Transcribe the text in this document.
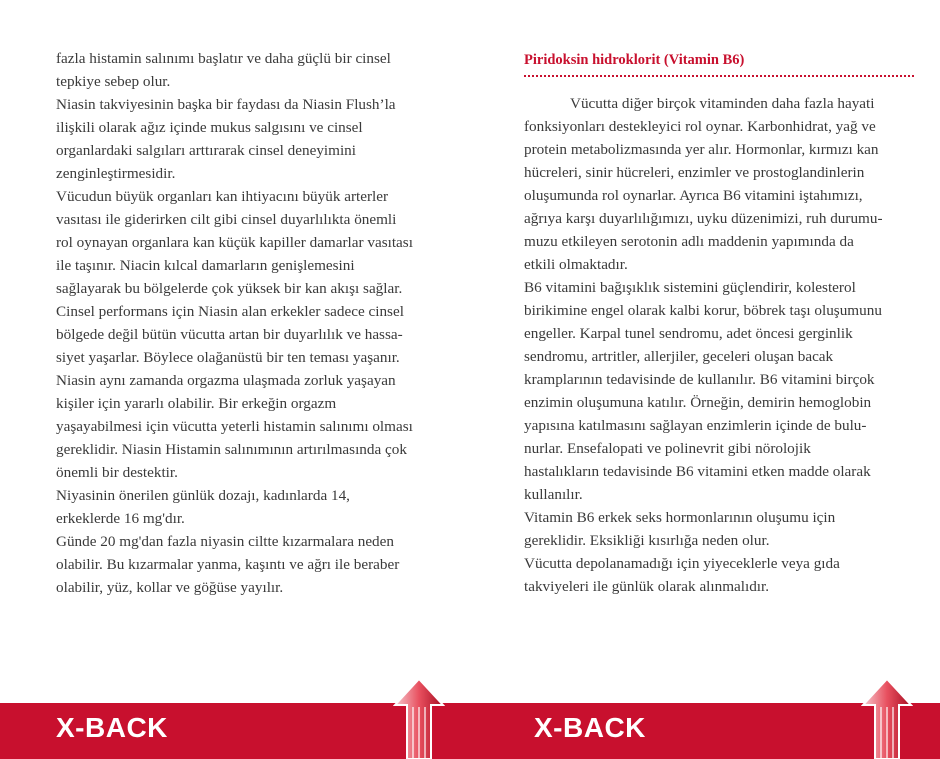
fazla histamin salınımı başlatır ve daha güçlü bir cinsel
tepkiye sebep olur.

Niasin takviyesinin başka bir faydası da Niasin Flush’la
ilişkili olarak ağız içinde mukus salgısını ve cinsel
organlardaki salgıları arttırarak cinsel deneyimini
zenginleştirmesidir.

Vücudun büyük organları kan ihtiyacını büyük arterler
vasıtası ile giderirken cilt gibi cinsel duyarlılıkta önemli
rol oynayan organlara kan küçük kapiller damarlar vasıtası
ile taşınır. Niacin kılcal damarların genişlemesini
sağlayarak bu bölgelerde çok yüksek bir kan akışı sağlar.

Cinsel performans için Niasin alan erkekler sadece cinsel
bölgede değil bütün vücutta artan bir duyarlılık ve hassa-
siyet yaşarlar. Böylece olağanüstü bir ten teması yaşanır.

Niasin aynı zamanda orgazma ulaşmada zorluk yaşayan
kişiler için yararlı olabilir. Bir erkeğin orgazm
yaşayabilmesi için vücutta yeterli histamin salınımı olması
gereklidir. Niasin Histamin salınımının artırılmasında çok
önemli bir destektir.

Niyasinin önerilen günlük dozajı, kadınlarda 14,
erkeklerde 16 mg'dır.

Günde 20 mg'dan fazla niyasin ciltte kızarmalara neden
olabilir. Bu kızarmalar yanma, kaşıntı ve ağrı ile beraber
olabilir, yüz, kollar ve göğüse yayılır.

Piridoksin hidroklorit (Vitamin B6)

Vücutta diğer birçok vitaminden daha fazla hayati
fonksiyonları destekleyici rol oynar. Karbonhidrat, yağ ve
protein metabolizmasında yer alır. Hormonlar, kırmızı kan
hücreleri, sinir hücreleri, enzimler ve prostoglandinlerin
oluşumunda rol oynarlar. Ayrıca B6 vitamini iştahımızı,
ağrıya karşı duyarlılığımızı, uyku düzenimizi, ruh durumu-
muzu etkileyen serotonin adlı maddenin yapımında da
etkili olmaktadır.

B6 vitamini bağışıklık sistemini güçlendirir, kolesterol
birikimine engel olarak kalbi korur, böbrek taşı oluşumunu
engeller. Karpal tunel sendromu, adet öncesi gerginlik
sendromu, artritler, allerjiler, geceleri oluşan bacak
kramplarının tedavisinde de kullanılır. B6 vitamini birçok
enzimin oluşumuna katılır. Örneğin, demirin hemoglobin
yapısına katılmasını sağlayan enzimlerin içinde de bulu-
nurlar. Ensefalopati ve polinevrit gibi nörolojik
hastalıkların tedavisinde B6 vitamini etken madde olarak
kullanılır.

Vitamin B6 erkek seks hormonlarının oluşumu için
gereklidir. Eksikliği kısırlığa neden olur.

Vücutta depolanamadığı için yiyeceklerle veya gıda
takviyeleri ile günlük olarak alınmalıdır.

X-BACK	X-BACK
